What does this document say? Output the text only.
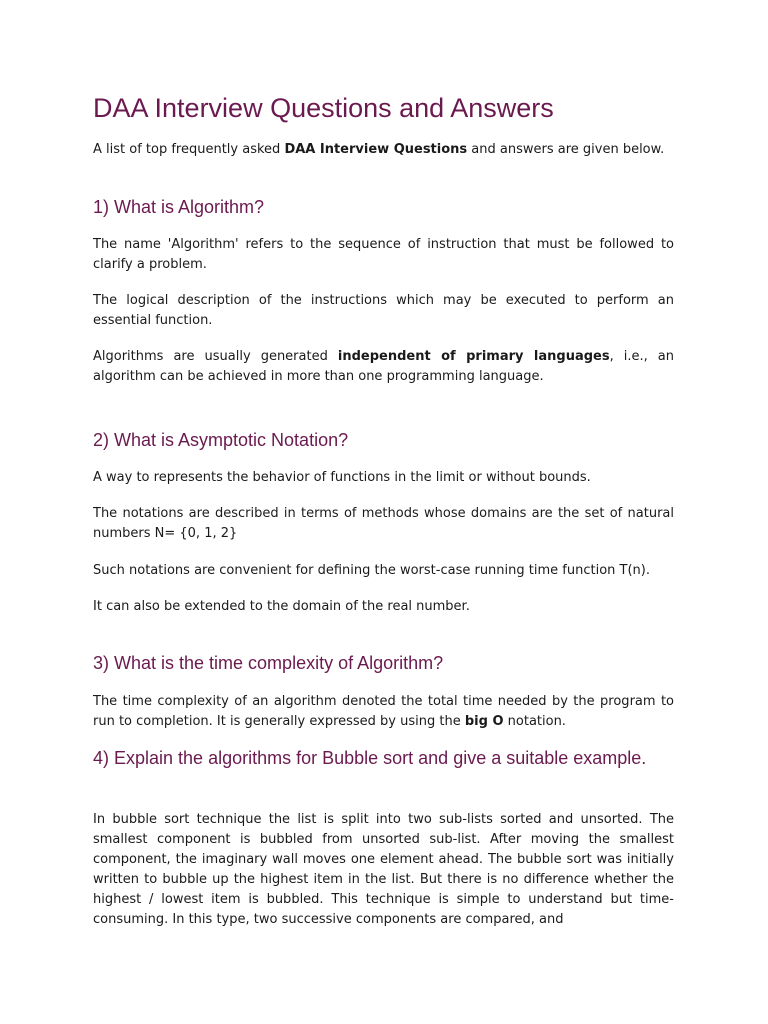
DAA Interview Questions and Answers

A list of top frequently asked DAA Interview Questions and answers are given below.

1) What is Algorithm?

The name 'Algorithm' refers to the sequence of instruction that must be followed to clarify a problem.

The logical description of the instructions which may be executed to perform an essential function.

Algorithms are usually generated independent of primary languages, i.e., an algorithm can be achieved in more than one programming language.

2) What is Asymptotic Notation?

A way to represents the behavior of functions in the limit or without bounds.

The notations are described in terms of methods whose domains are the set of natural numbers N= {0, 1, 2}

Such notations are convenient for defining the worst-case running time function T(n).

It can also be extended to the domain of the real number.

3) What is the time complexity of Algorithm?

The time complexity of an algorithm denoted the total time needed by the program to run to completion. It is generally expressed by using the big O notation.

4) Explain the algorithms for Bubble sort and give a suitable example.

In bubble sort technique the list is split into two sub-lists sorted and unsorted. The smallest component is bubbled from unsorted sub-list. After moving the smallest component, the imaginary wall moves one element ahead. The bubble sort was initially written to bubble up the highest item in the list. But there is no difference whether the highest / lowest item is bubbled. This technique is simple to understand but time-consuming. In this type, two successive components are compared, and
